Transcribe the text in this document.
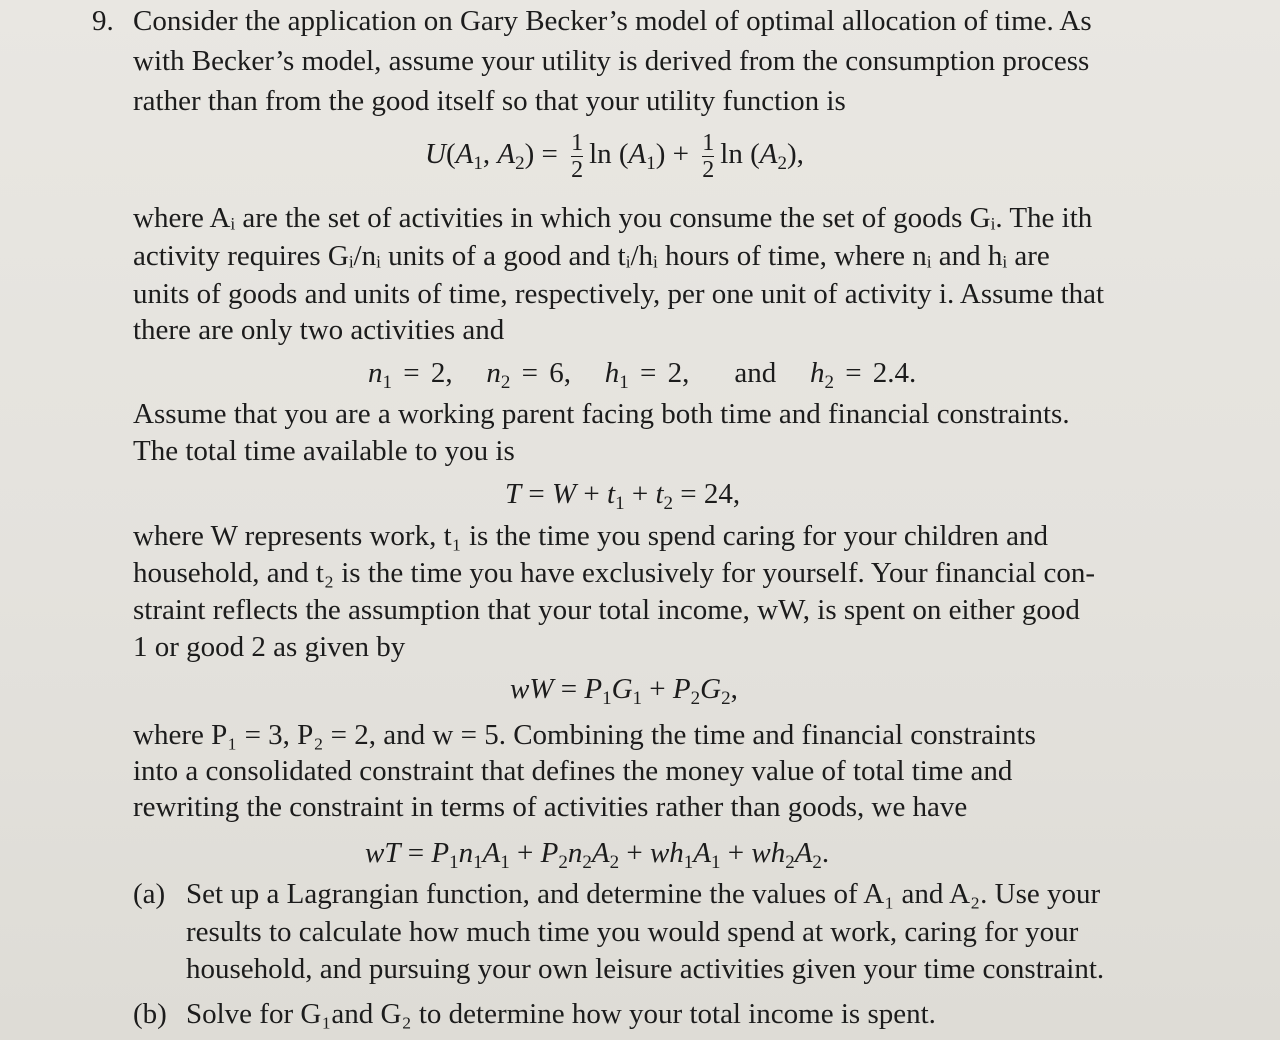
9. Consider the application on Gary Becker’s model of optimal allocation of time. As
with Becker’s model, assume your utility is derived from the consumption process
rather than from the good itself so that your utility function is
$U(A_1$, $A_2) = \frac{1}{2}$ $\ln (A_1) + \frac{1}{2}$ $\ln (A_2)$,
where Aᵢ are the set of activities in which you consume the set of goods Gᵢ. The ith
activity requires Gᵢ/nᵢ units of a good and tᵢ/hᵢ hours of time, where nᵢ and hᵢ are
units of goods and units of time, respectively, per one unit of activity i. Assume that
there are only two activities and
$n_1 = 2$,   $n_2 = 6$,   $h_1 = 2$,    and   $h_2 = 2.4$.
Assume that you are a working parent facing both time and financial constraints.
The total time available to you is
$T = W + t_1 + t_2 = 24$,
where W represents work, t₁ is the time you spend caring for your children and
household, and t₂ is the time you have exclusively for yourself. Your financial con-
straint reflects the assumption that your total income, wW, is spent on either good
1 or good 2 as given by
wW = $P_1G_1 + P_2G_2$,
where P₁ = 3, P₂ = 2, and w = 5. Combining the time and financial constraints
into a consolidated constraint that defines the money value of total time and
rewriting the constraint in terms of activities rather than goods, we have
wT = $P_1n_1A_1 + P_2n_2A_2 + wh_1A_1 + wh_2A_2$.
(a) Set up a Lagrangian function, and determine the values of A₁ and A₂. Use your
results to calculate how much time you would spend at work, caring for your
household, and pursuing your own leisure activities given your time constraint.
(b) Solve for G₁and G₂ to determine how your total income is spent.
